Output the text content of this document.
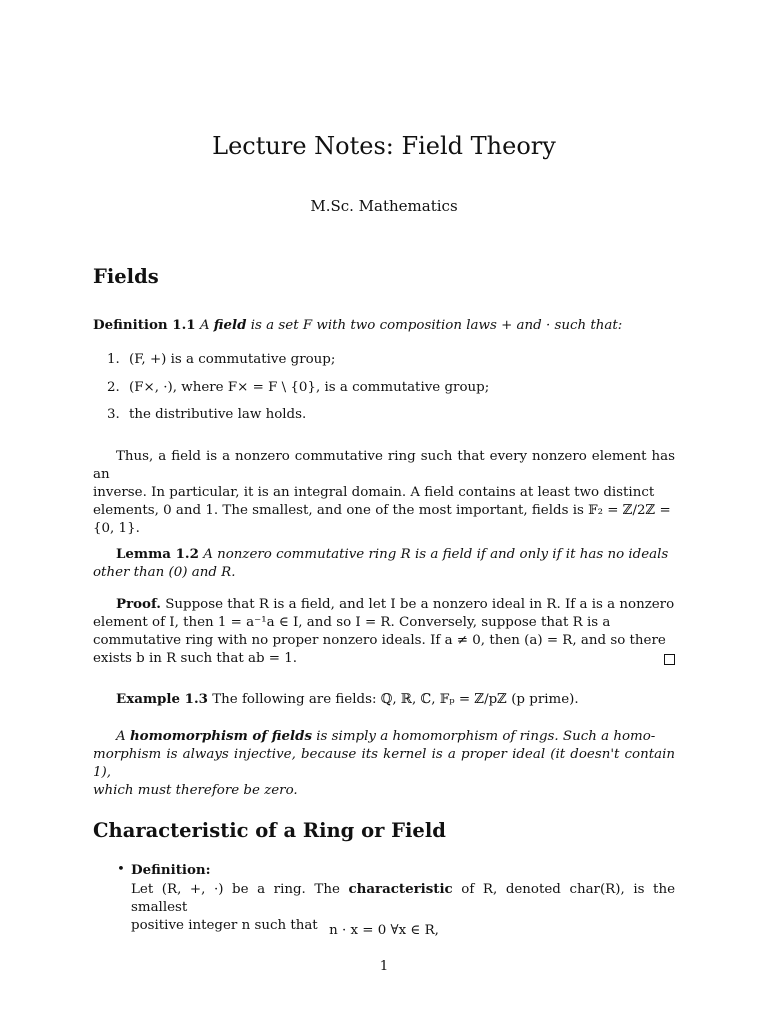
Lecture Notes: Field Theory
M.Sc. Mathematics
Fields
Definition 1.1 A field is a set F with two composition laws + and · such that:
1. (F, +) is a commutative group;
2. (F×, ·), where F× = F \ {0}, is a commutative group;
3. the distributive law holds.
Thus, a field is a nonzero commutative ring such that every nonzero element has an
inverse. In particular, it is an integral domain. A field contains at least two distinct
elements, 0 and 1. The smallest, and one of the most important, fields is 𝔽₂ = ℤ/2ℤ =
{0, 1}.
Lemma 1.2 A nonzero commutative ring R is a field if and only if it has no ideals
other than (0) and R.
Proof. Suppose that R is a field, and let I be a nonzero ideal in R. If a is a nonzero
element of I, then 1 = a⁻¹a ∈ I, and so I = R. Conversely, suppose that R is a
commutative ring with no proper nonzero ideals. If a ≠ 0, then (a) = R, and so there
exists b in R such that ab = 1.
Example 1.3 The following are fields: ℚ, ℝ, ℂ, 𝔽ₚ = ℤ/pℤ (p prime).
A homomorphism of fields is simply a homomorphism of rings. Such a homo-
morphism is always injective, because its kernel is a proper ideal (it doesn't contain 1),
which must therefore be zero.
Characteristic of a Ring or Field
• Definition:
Let (R, +, ·) be a ring. The characteristic of R, denoted char(R), is the smallest
positive integer n such that n · x = 0 ∀x ∈ R,
1
